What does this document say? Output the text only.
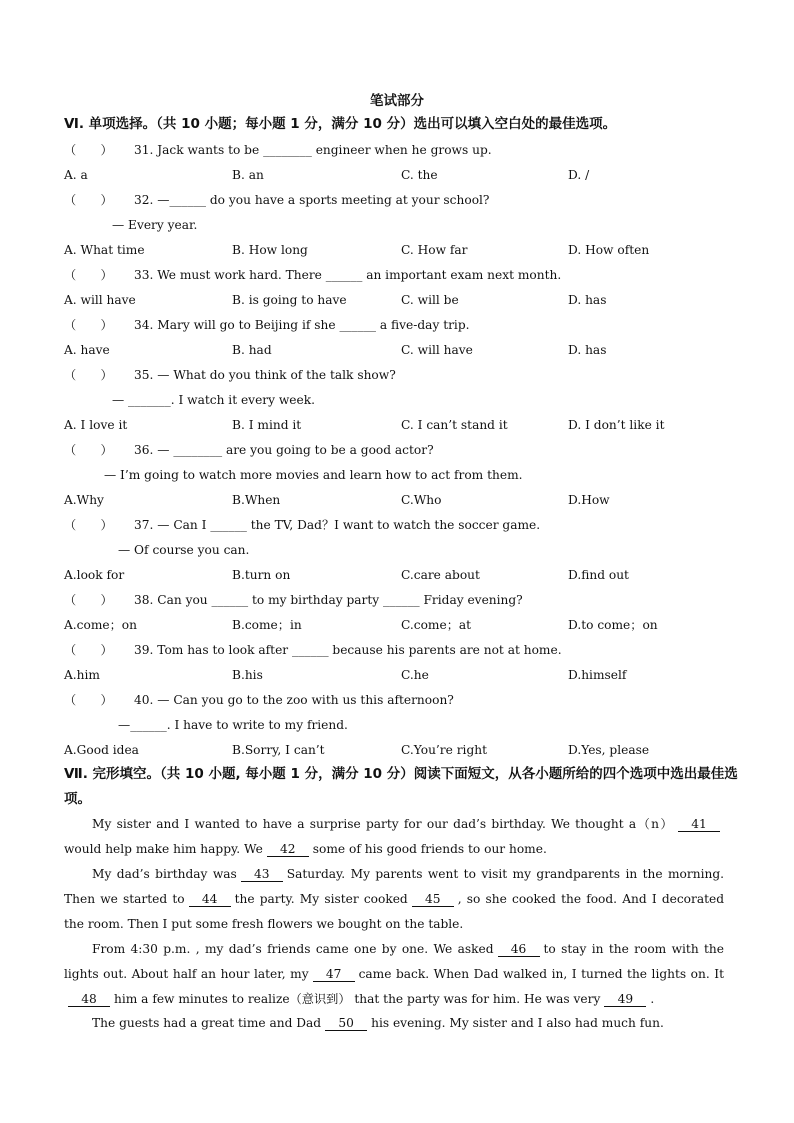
笔试部分
Ⅵ. 单项选择。（共 10 小题；每小题 1 分，满分 10 分）选出可以填入空白处的最佳选项。
（　　） 31. Jack wants to be ________ engineer when he grows up.
A. a	B. an	C. the	D. /
（　　） 32. —______ do you have a sports meeting at your school?
— Every year.
A. What time	B. How long	C. How far	D. How often
（　　） 33. We must work hard. There ______ an important exam next month.
A. will have	B. is going to have	C. will be	D. has
（　　） 34. Mary will go to Beijing if she ______ a five-day trip.
A. have	B. had	C. will have	D. has
（　　） 35. — What do you think of the talk show?
— _______. I watch it every week.
A. I love it	B. I mind it	C. I can’t stand it	D. I don’t like it
（　　） 36. — ________ are you going to be a good actor?
— I’m going to watch more movies and learn how to act from them.
A.Why	B.When	C.Who	D.How
（　　） 37. — Can I ______ the TV, Dad？I want to watch the soccer game.
— Of course you can.
A.look for	B.turn on	C.care about	D.find out
（　　） 38. Can you ______ to my birthday party ______ Friday evening?
A.come；on	B.come；in	C.come；at	D.to come；on
（　　） 39. Tom has to look after ______ because his parents are not at home.
A.him	B.his	C.he	D.himself
（　　） 40. — Can you go to the zoo with us this afternoon?
—______. I have to write to my friend.
A.Good idea	B.Sorry, I can’t	C.You’re right	D.Yes, please
Ⅶ. 完形填空。（共 10 小题, 每小题 1 分，满分 10 分）阅读下面短文，从各小题所给的四个选项中选出最佳选项。
My sister and I wanted to have a surprise party for our dad’s birthday. We thought a（n） 41would help make him happy. We 42 some of his good friends to our home.
My dad’s birthday was 43 Saturday. My parents went to visit my grandparents in the morning. Then we started to 44 the party. My sister cooked 45 , so she cooked the food. And I decorated the room. Then I put some fresh flowers we bought on the table.
From 4:30 p.m. , my dad’s friends came one by one. We asked 46 to stay in the room with the lights out. About half an hour later, my 47 came back. When Dad walked in, I turned the lights on. It48 him a few minutes to realize（意识到） that the party was for him. He was very 49 .
The guests had a great time and Dad 50 his evening. My sister and I also had much fun.
